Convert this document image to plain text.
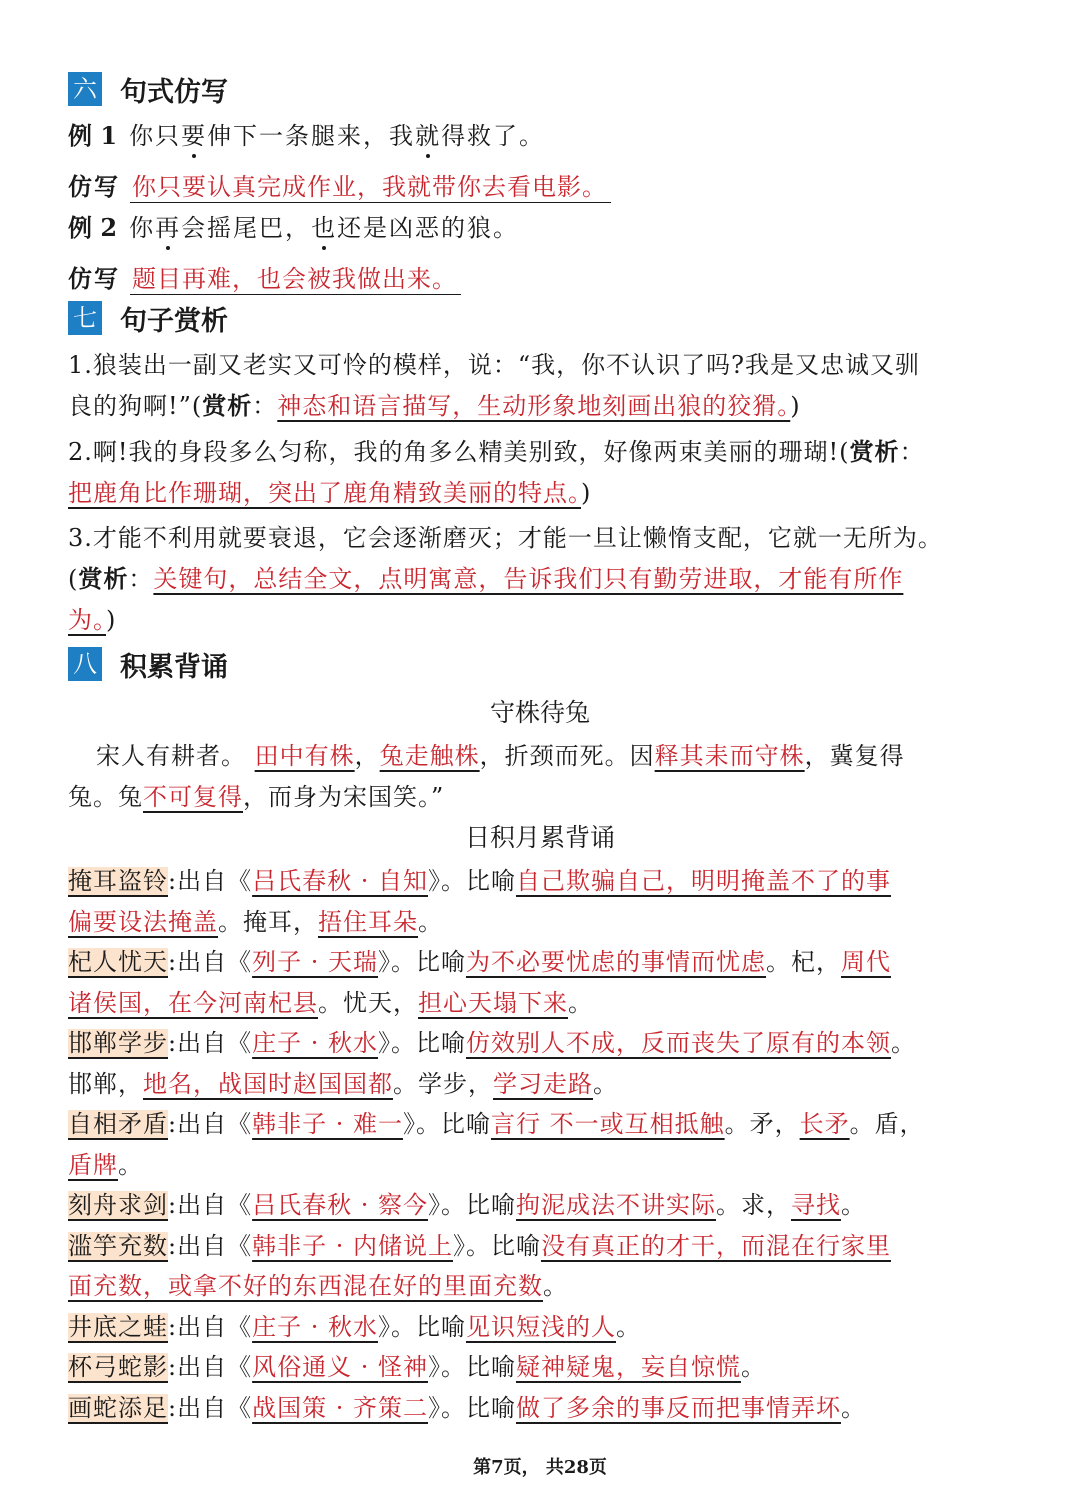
六 句式仿写
例 1 你只要伸下一条腿来，我就得救了。
仿写 你只要认真完成作业，我就带你去看电影。
例 2 你再会摇尾巴，也还是凶恶的狼。
仿写 题目再难，也会被我做出来。
七 句子赏析
1.狼装出一副又老实又可怜的模样，说：“我，你不认识了吗?我是又忠诚又驯
良的狗啊!”(赏析：神态和语言描写，生动形象地刻画出狼的狡猾。)
2.啊!我的身段多么匀称，我的角多么精美别致，好像两束美丽的珊瑚!(赏析：
把鹿角比作珊瑚，突出了鹿角精致美丽的特点。)
3.才能不利用就要衰退，它会逐渐磨灭；才能一旦让懒惰支配，它就一无所为。
(赏析：关键句，总结全文，点明寓意，告诉我们只有勤劳进取，才能有所作
为。)
八 积累背诵
守株待兔
宋人有耕者。 田中有株，兔走触株，折颈而死。因释其耒而守株，冀复得
兔。兔不可复得，而身为宋国笑。”
日积月累背诵
掩耳盗铃:出自《吕氏春秋 · 自知》。比喻自己欺骗自己，明明掩盖不了的事
偏要设法掩盖。掩耳，捂住耳朵。
杞人忧天:出自《列子 · 天瑞》。比喻为不必要忧虑的事情而忧虑。杞，周代
诸侯国，在今河南杞县。忧天，担心天塌下来。
邯郸学步:出自《庄子 · 秋水》。比喻仿效别人不成，反而丧失了原有的本领。
邯郸，地名，战国时赵国国都。学步，学习走路。
自相矛盾:出自《韩非子 · 难一》。比喻言行 不一或互相抵触。矛，长矛。盾，
盾牌。
刻舟求剑:出自《吕氏春秋 · 察今》。比喻拘泥成法不讲实际。求，寻找。
滥竽充数:出自《韩非子 · 内储说上》。比喻没有真正的才干，而混在行家里
面充数，或拿不好的东西混在好的里面充数。
井底之蛙:出自《庄子 · 秋水》。比喻见识短浅的人。
杯弓蛇影:出自《风俗通义 · 怪神》。比喻疑神疑鬼，妄自惊慌。
画蛇添足:出自《战国策 · 齐策二》。比喻做了多余的事反而把事情弄坏。
第7页， 共28页
